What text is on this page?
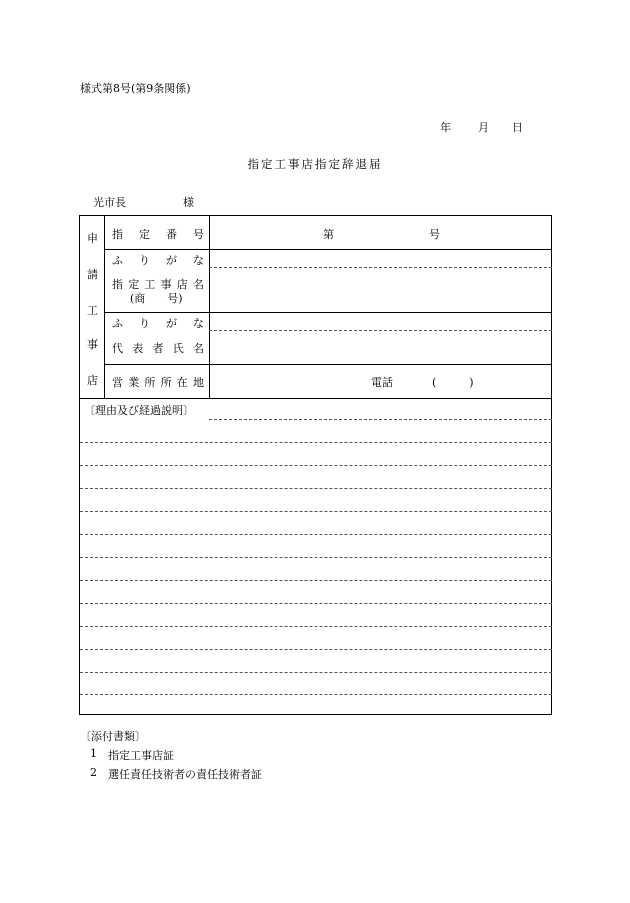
様式第8号(第9条関係)
年 月 日
指定工事店指定辞退届
光市長	様
申
請
工
事
店
指定番号	第	号
ふりがな
指定工事店名
(商　　号)
ふりがな
代表者氏名
営業所所在地	電話	(　　　)
〔理由及び経過説明〕
〔添付書類〕
1 指定工事店証
2 選任責任技術者の責任技術者証
